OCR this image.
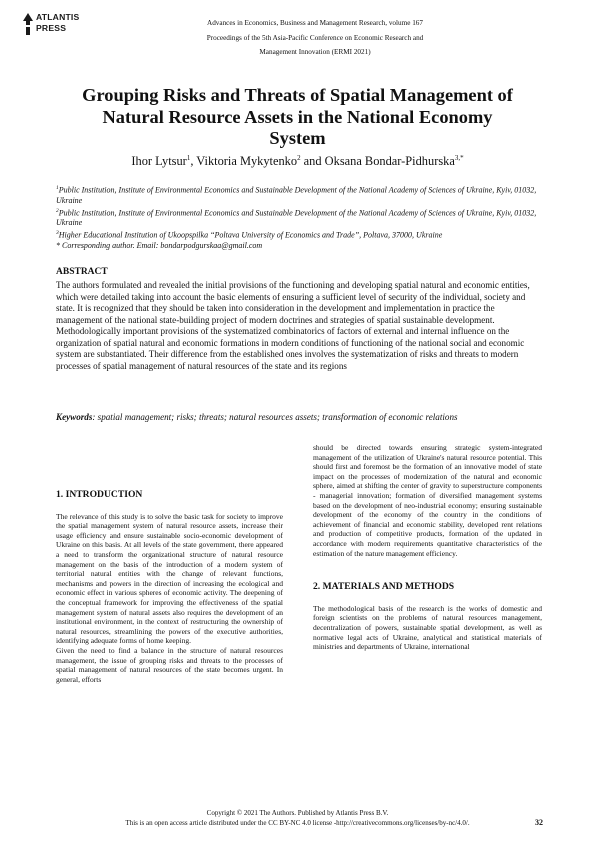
ATLANTIS
PRESS	Advances in Economics, Business and Management Research, volume 167
Proceedings of the 5th Asia-Pacific Conference on Economic Research and
Management Innovation (ERMI 2021)
Grouping Risks and Threats of Spatial Management of
Natural Resource Assets in the National Economy
System
Ihor Lytsur$^1$, Viktoria Mykytenko$^2$ and Oksana Bondar-Pidhurska$^{3,*}$
$^1$Public Institution, Institute of Environmental Economics and Sustainable Development of the National Academy of Sciences of Ukraine, Kyiv, 01032, Ukraine
$^2$Public Institution, Institute of Environmental Economics and Sustainable Development of the National Academy of Sciences of Ukraine, Kyiv, 01032, Ukraine
$^3$Higher Educational Institution of Ukoopspilka “Poltava University of Economics and Trade”, Poltava, 37000, Ukraine
* Corresponding author. Email: bondarpodgurskaa@gmail.com
ABSTRACT
The authors formulated and revealed the initial provisions of the functioning and developing spatial natural and economic entities, which were detailed taking into account the basic elements of ensuring a sufficient level of security of the individual, society and state. It is recognized that they should be taken into consideration in the development and implementation in practice the management of the national state-building project of modern doctrines and strategies of spatial sustainable development. Methodologically important provisions of the systematized combinatorics of factors of external and internal influence on the organization of spatial natural and economic formations in modern conditions of functioning of the national social and economic system are substantiated. Their difference from the established ones involves the systematization of risks and threats to modern processes of spatial management of natural resources of the state and its regions
Keywords: spatial management; risks; threats; natural resources assets; transformation of economic relations
1. INTRODUCTION

The relevance of this study is to solve the basic task for society to improve the spatial management system of natural resource assets, increase their usage efficiency and ensure sustainable socio-economic development of Ukraine on this basis. At all levels of the state government, there appeared a need to transform the organizational structure of natural resource management on the basis of the introduction of a modern system of territorial natural entities with the change of relevant functions, mechanisms and powers in the direction of increasing the ecological and economic effect in various spheres of economic activity. The deepening of the conceptual framework for improving the effectiveness of the spatial management system of natural assets also requires the development of an institutional environment, in the context of restructuring the ownership of natural resources, streamlining the powers of the executive authorities, identifying adequate forms of home keeping.

Given the need to find a balance in the structure of natural resources management, the issue of grouping risks and threats to the processes of spatial management of natural resources of the state becomes urgent. In general, efforts

should be directed towards ensuring strategic system-integrated management of the utilization of Ukraine's natural resource potential. This should first and foremost be the formation of an innovative model of state impact on the processes of modernization of the natural and economic sphere, aimed at shifting the center of gravity to superstructure components - managerial innovation; formation of diversified management systems based on the development of neo-industrial economy; ensuring sustainable development of the economy of the country in the conditions of achievement of financial and economic stability, developed rent relations and production of competitive products, formation of the updated in accordance with modern requirements quantitative characteristics of the estimation of the nature management efficiency.

2. MATERIALS AND METHODS

The methodological basis of the research is the works of domestic and foreign scientists on the problems of natural resources management, decentralization of powers, sustainable spatial development, as well as normative legal acts of Ukraine, analytical and statistical materials of ministries and departments of Ukraine, international

Copyright © 2021 The Authors. Published by Atlantis Press B.V.
This is an open access article distributed under the CC BY-NC 4.0 license -http://creativecommons.org/licenses/by-nc/4.0/.	32
